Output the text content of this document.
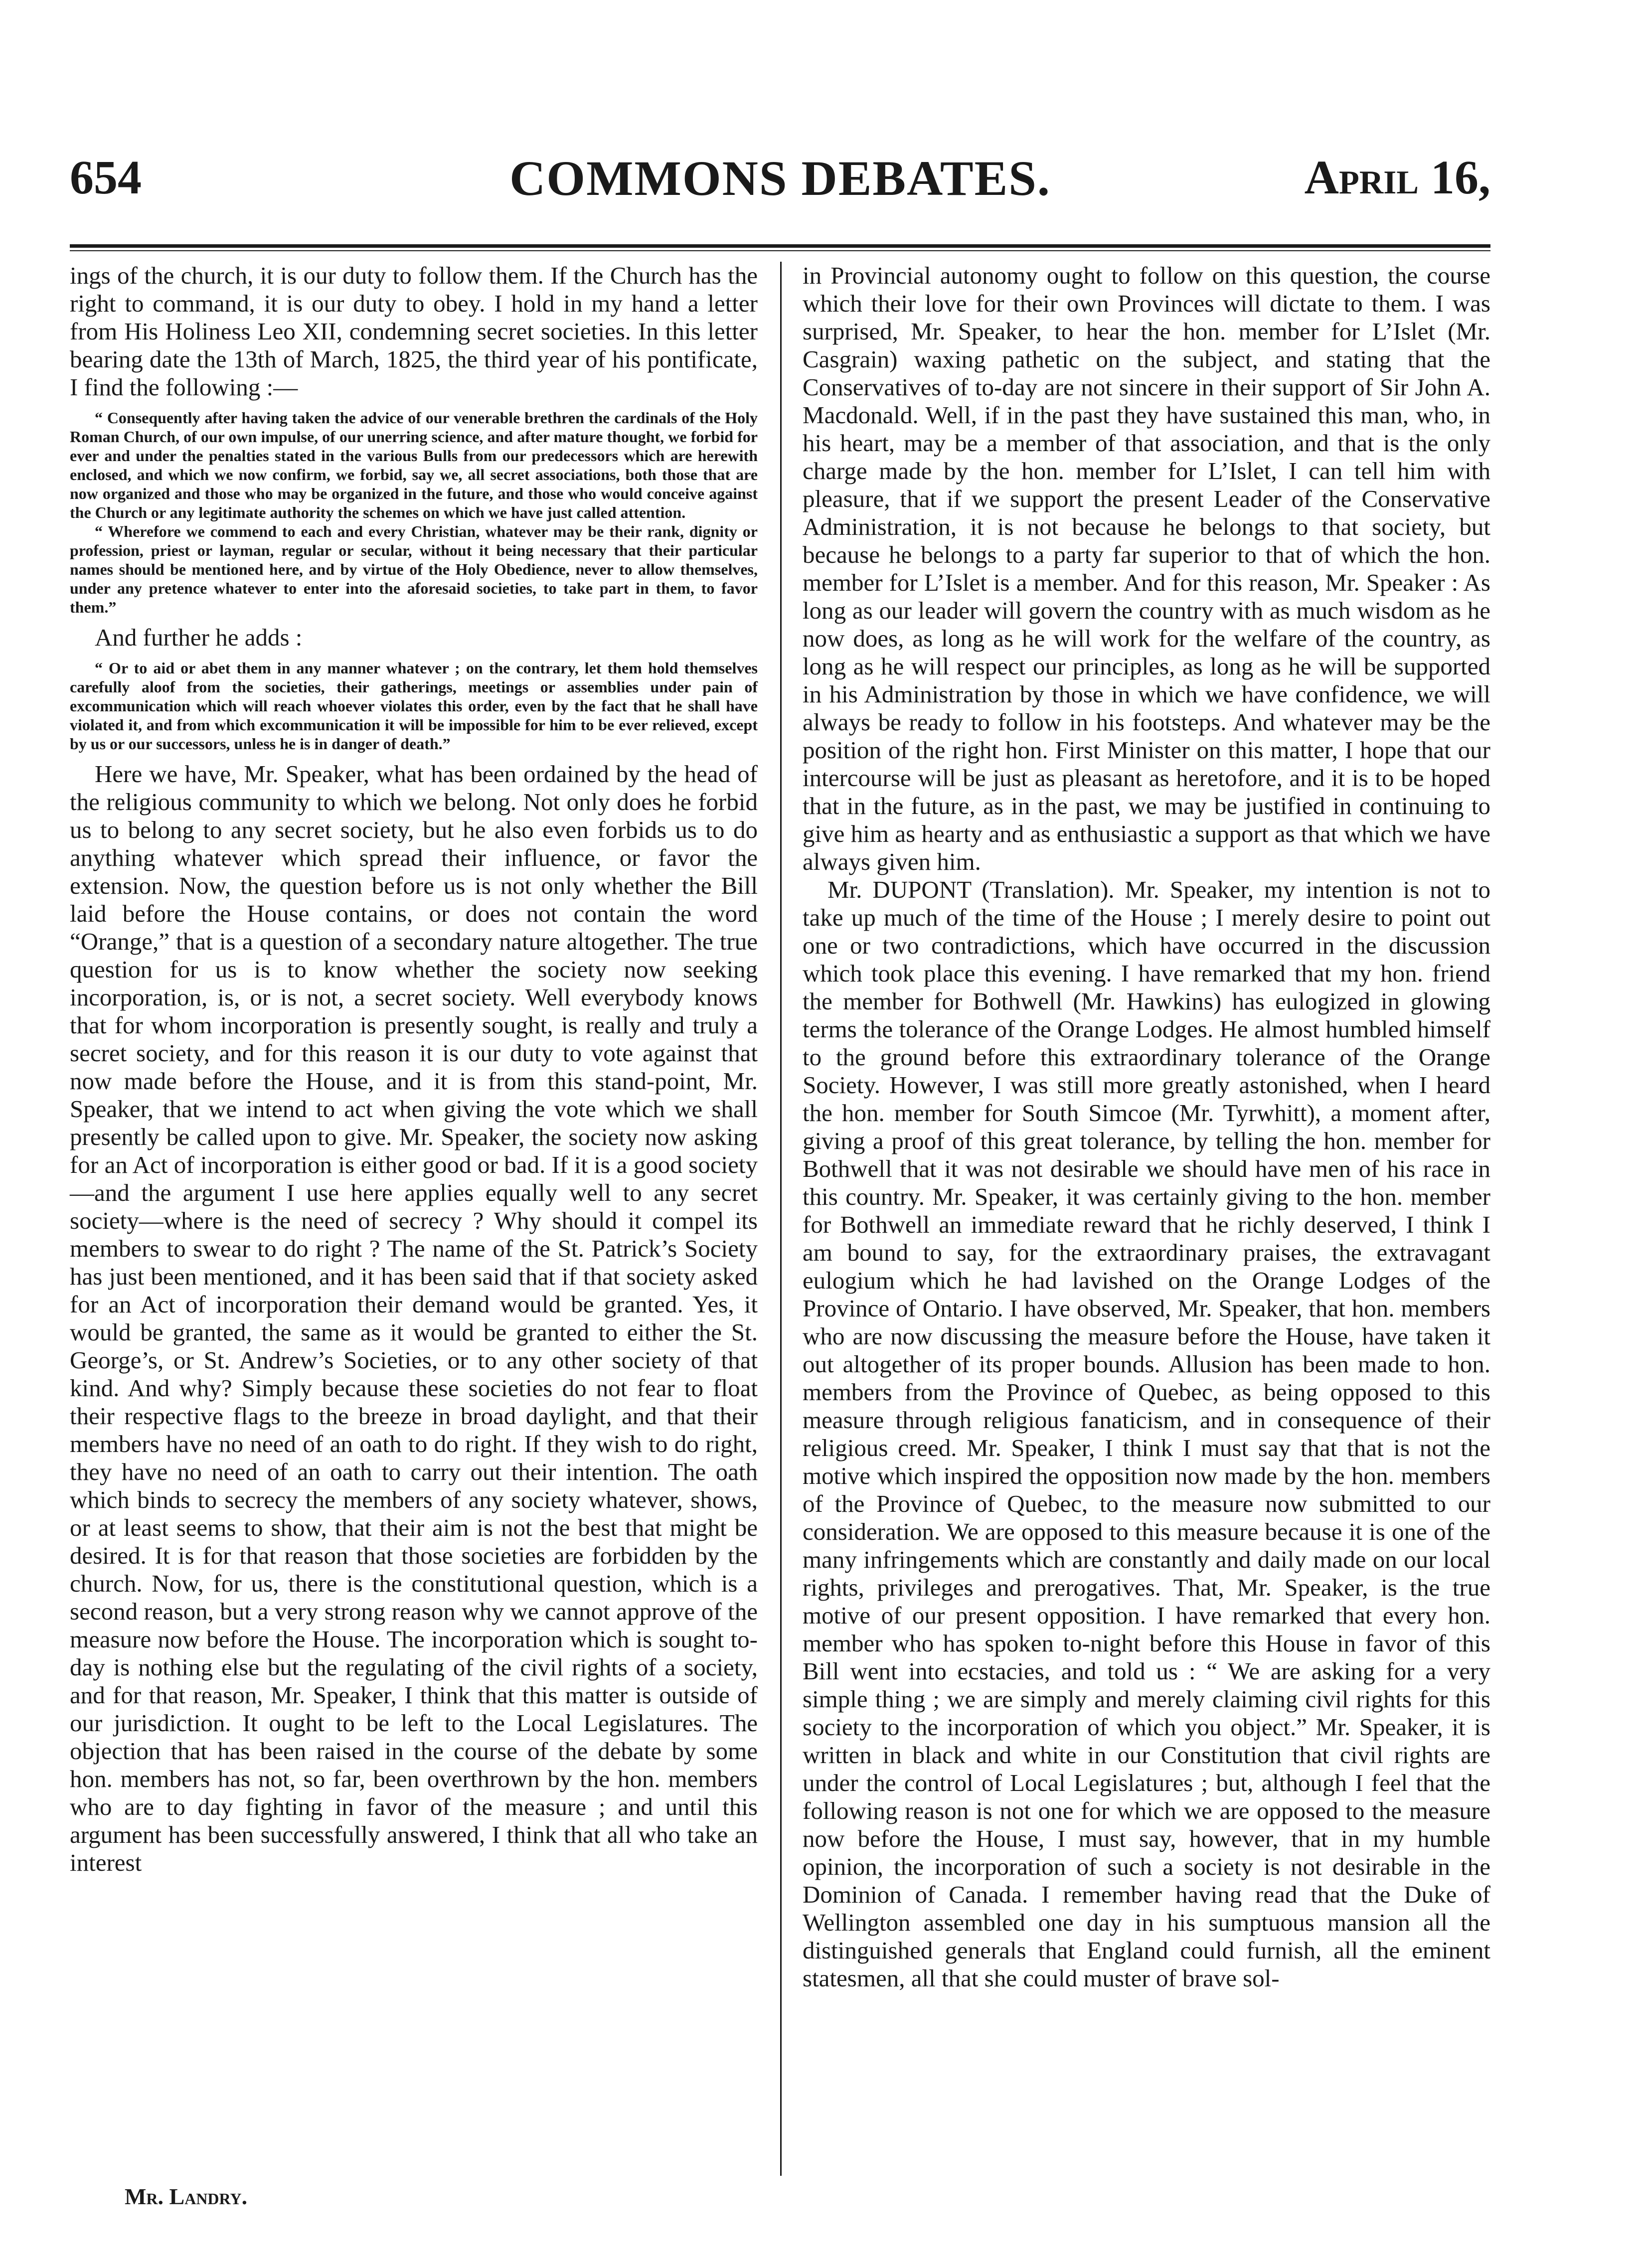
654	COMMONS DEBATES.	April 16,

ings of the church, it is our duty to follow them. If the Church has the right to command, it is our duty to obey. I hold in my hand a letter from His Holiness Leo XII, condemning secret societies. In this letter bearing date the 13th of March, 1825, the third year of his pontificate, I find the following :—

“ Consequently after having taken the advice of our venerable brethren the cardinals of the Holy Roman Church, of our own impulse, of our unerring science, and after mature thought, we forbid for ever and under the penalties stated in the various Bulls from our predecessors which are herewith enclosed, and which we now confirm, we forbid, say we, all secret associations, both those that are now organized and those who may be organized in the future, and those who would conceive against the Church or any legitimate authority the schemes on which we have just called attention.

“ Wherefore we commend to each and every Christian, whatever may be their rank, dignity or profession, priest or layman, regular or secular, without it being necessary that their particular names should be mentioned here, and by virtue of the Holy Obedience, never to allow themselves, under any pretence whatever to enter into the aforesaid societies, to take part in them, to favor them.”

And further he adds :

“ Or to aid or abet them in any manner whatever ; on the contrary, let them hold themselves carefully aloof from the societies, their gatherings, meetings or assemblies under pain of excommunication which will reach whoever violates this order, even by the fact that he shall have violated it, and from which excommunication it will be impossible for him to be ever relieved, except by us or our successors, unless he is in danger of death.”

Here we have, Mr. Speaker, what has been ordained by the head of the religious community to which we belong. Not only does he forbid us to belong to any secret society, but he also even forbids us to do anything whatever which spread their influence, or favor the extension. Now, the question before us is not only whether the Bill laid before the House contains, or does not contain the word “Orange,” that is a question of a secondary nature altogether. The true question for us is to know whether the society now seeking incorporation, is, or is not, a secret society. Well everybody knows that for whom incorporation is presently sought, is really and truly a secret society, and for this reason it is our duty to vote against that now made before the House, and it is from this stand-point, Mr. Speaker, that we intend to act when giving the vote which we shall presently be called upon to give. Mr. Speaker, the society now asking for an Act of incorporation is either good or bad. If it is a good society—and the argument I use here applies equally well to any secret society—where is the need of secrecy ? Why should it compel its members to swear to do right ? The name of the St. Patrick’s Society has just been mentioned, and it has been said that if that society asked for an Act of incorporation their demand would be granted. Yes, it would be granted, the same as it would be granted to either the St. George’s, or St. Andrew’s Societies, or to any other society of that kind. And why? Simply because these societies do not fear to float their respective flags to the breeze in broad daylight, and that their members have no need of an oath to do right. If they wish to do right, they have no need of an oath to carry out their intention. The oath which binds to secrecy the members of any society whatever, shows, or at least seems to show, that their aim is not the best that might be desired. It is for that reason that those societies are forbidden by the church. Now, for us, there is the constitutional question, which is a second reason, but a very strong reason why we cannot approve of the measure now before the House. The incorporation which is sought to-day is nothing else but the regulating of the civil rights of a society, and for that reason, Mr. Speaker, I think that this matter is outside of our jurisdiction. It ought to be left to the Local Legislatures. The objection that has been raised in the course of the debate by some hon. members has not, so far, been overthrown by the hon. members who are to day fighting in favor of the measure ; and until this argument has been successfully answered, I think that all who take an interest

in Provincial autonomy ought to follow on this question, the course which their love for their own Provinces will dictate to them. I was surprised, Mr. Speaker, to hear the hon. member for L’Islet (Mr. Casgrain) waxing pathetic on the subject, and stating that the Conservatives of to-day are not sincere in their support of Sir John A. Macdonald. Well, if in the past they have sustained this man, who, in his heart, may be a member of that association, and that is the only charge made by the hon. member for L’Islet, I can tell him with pleasure, that if we support the present Leader of the Conservative Administration, it is not because he belongs to that society, but because he belongs to a party far superior to that of which the hon. member for L’Islet is a member. And for this reason, Mr. Speaker : As long as our leader will govern the country with as much wisdom as he now does, as long as he will work for the welfare of the country, as long as he will respect our principles, as long as he will be supported in his Administration by those in which we have confidence, we will always be ready to follow in his footsteps. And whatever may be the position of the right hon. First Minister on this matter, I hope that our intercourse will be just as pleasant as heretofore, and it is to be hoped that in the future, as in the past, we may be justified in continuing to give him as hearty and as enthusiastic a support as that which we have always given him.

Mr. DUPONT (Translation). Mr. Speaker, my intention is not to take up much of the time of the House ; I merely desire to point out one or two contradictions, which have occurred in the discussion which took place this evening. I have remarked that my hon. friend the member for Bothwell (Mr. Hawkins) has eulogized in glowing terms the tolerance of the Orange Lodges. He almost humbled himself to the ground before this extraordinary tolerance of the Orange Society. However, I was still more greatly astonished, when I heard the hon. member for South Simcoe (Mr. Tyrwhitt), a moment after, giving a proof of this great tolerance, by telling the hon. member for Bothwell that it was not desirable we should have men of his race in this country. Mr. Speaker, it was certainly giving to the hon. member for Bothwell an immediate reward that he richly deserved, I think I am bound to say, for the extraordinary praises, the extravagant eulogium which he had lavished on the Orange Lodges of the Province of Ontario. I have observed, Mr. Speaker, that hon. members who are now discussing the measure before the House, have taken it out altogether of its proper bounds. Allusion has been made to hon. members from the Province of Quebec, as being opposed to this measure through religious fanaticism, and in consequence of their religious creed. Mr. Speaker, I think I must say that that is not the motive which inspired the opposition now made by the hon. members of the Province of Quebec, to the measure now submitted to our consideration. We are opposed to this measure because it is one of the many infringements which are constantly and daily made on our local rights, privileges and prerogatives. That, Mr. Speaker, is the true motive of our present opposition. I have remarked that every hon. member who has spoken to-night before this House in favor of this Bill went into ecstacies, and told us : “ We are asking for a very simple thing ; we are simply and merely claiming civil rights for this society to the incorporation of which you object.” Mr. Speaker, it is written in black and white in our Constitution that civil rights are under the control of Local Legislatures ; but, although I feel that the following reason is not one for which we are opposed to the measure now before the House, I must say, however, that in my humble opinion, the incorporation of such a society is not desirable in the Dominion of Canada. I remember having read that the Duke of Wellington assembled one day in his sumptuous mansion all the distinguished generals that England could furnish, all the eminent statesmen, all that she could muster of brave sol-

Mr. Landry.
